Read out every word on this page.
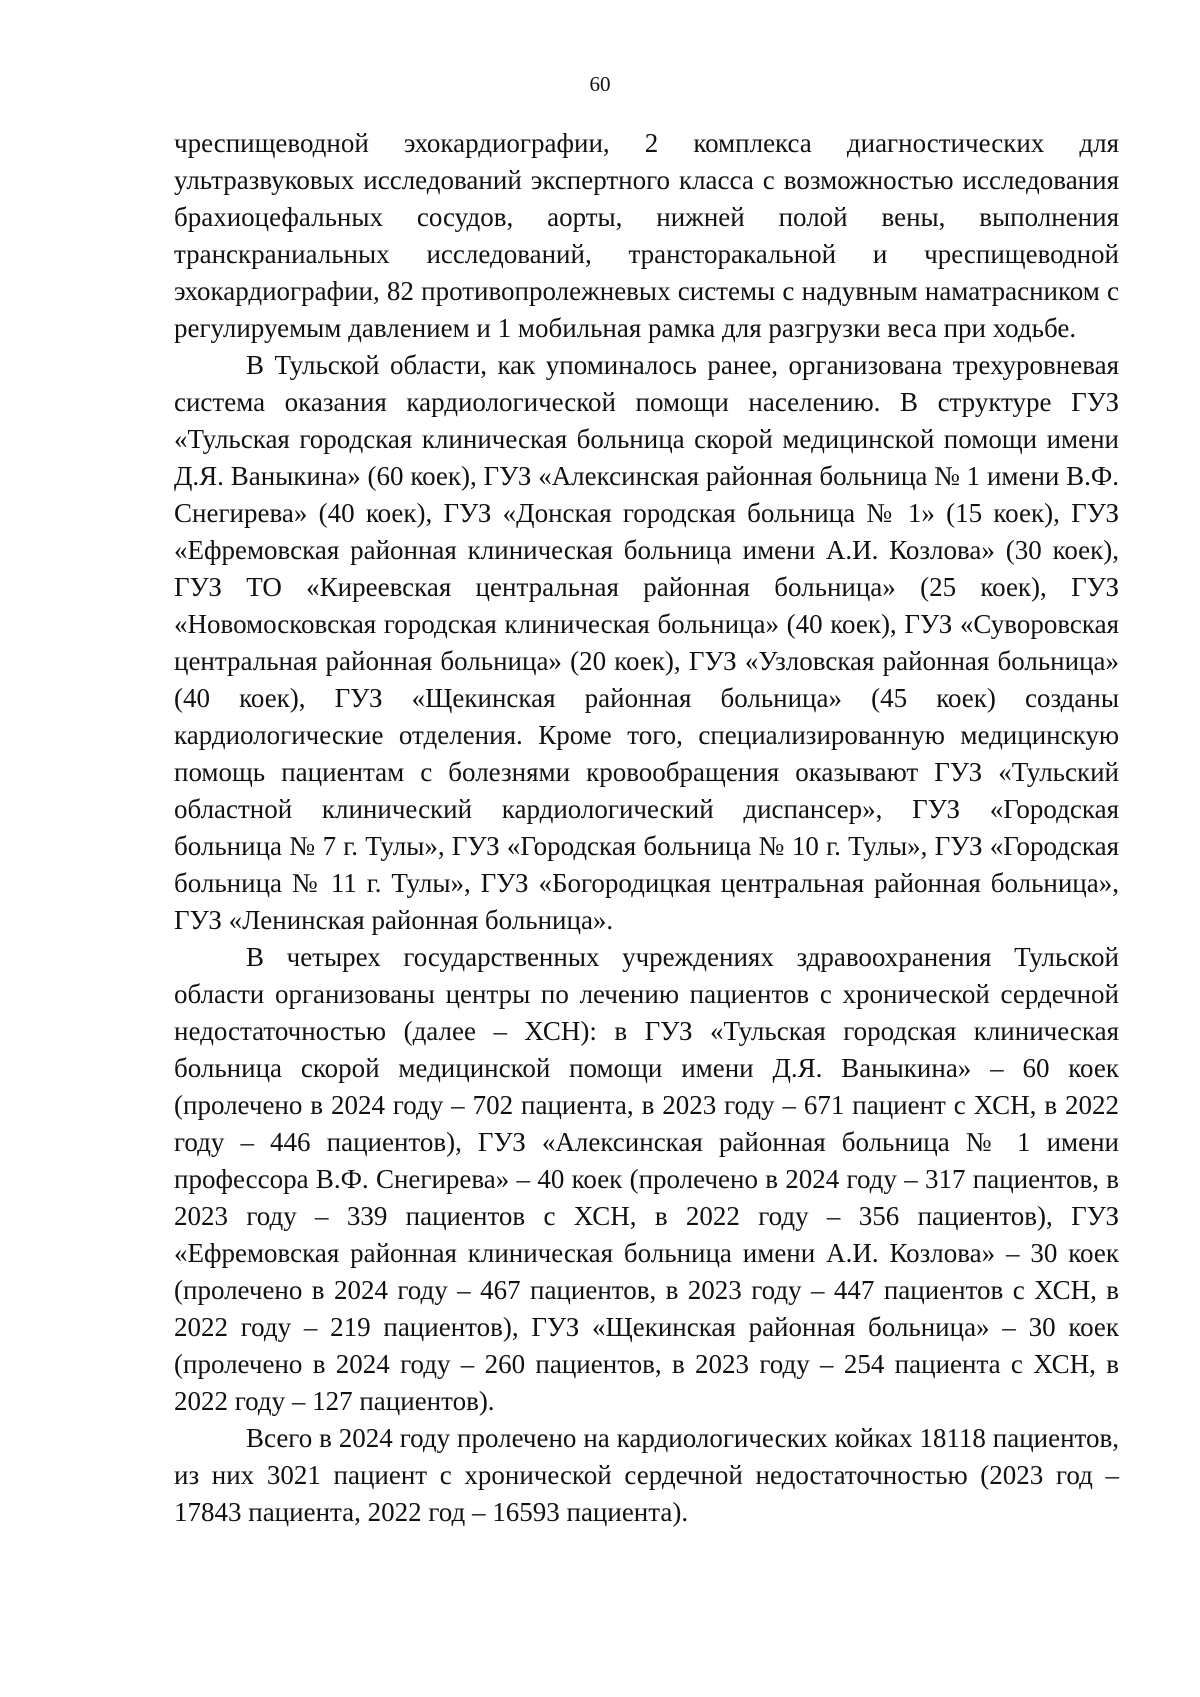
60

чреспищеводной эхокардиографии, 2 комплекса диагностических для ультразвуковых исследований экспертного класса с возможностью исследования брахиоцефальных сосудов, аорты, нижней полой вены, выполнения транскраниальных исследований, трансторакальной и чреспищеводной эхокардиографии, 82 противопролежневых системы с надувным наматрасником с регулируемым давлением и 1 мобильная рамка для разгрузки веса при ходьбе.

В Тульской области, как упоминалось ранее, организована трехуровневая система оказания кардиологической помощи населению. В структуре ГУЗ «Тульская городская клиническая больница скорой медицинской помощи имени Д.Я. Ваныкина» (60 коек), ГУЗ «Алексинская районная больница № 1 имени В.Ф. Снегирева» (40 коек), ГУЗ «Донская городская больница № 1» (15 коек), ГУЗ «Ефремовская районная клиническая больница имени А.И. Козлова» (30 коек), ГУЗ ТО «Киреевская центральная районная больница» (25 коек), ГУЗ «Новомосковская городская клиническая больница» (40 коек), ГУЗ «Суворовская центральная районная больница» (20 коек), ГУЗ «Узловская районная больница» (40 коек), ГУЗ «Щекинская районная больница» (45 коек) созданы кардиологические отделения. Кроме того, специализированную медицинскую помощь пациентам с болезнями кровообращения оказывают ГУЗ «Тульский областной клинический кардиологический диспансер», ГУЗ «Городская больница № 7 г. Тулы», ГУЗ «Городская больница № 10 г. Тулы», ГУЗ «Городская больница № 11 г. Тулы», ГУЗ «Богородицкая центральная районная больница», ГУЗ «Ленинская районная больница».

В четырех государственных учреждениях здравоохранения Тульской области организованы центры по лечению пациентов с хронической сердечной недостаточностью (далее – ХСН): в ГУЗ «Тульская городская клиническая больница скорой медицинской помощи имени Д.Я. Ваныкина» – 60 коек (пролечено в 2024 году – 702 пациента, в 2023 году – 671 пациент с ХСН, в 2022 году – 446 пациентов), ГУЗ «Алексинская районная больница № 1 имени профессора В.Ф. Снегирева» – 40 коек (пролечено в 2024 году – 317 пациентов, в 2023 году – 339 пациентов с ХСН, в 2022 году – 356 пациентов), ГУЗ «Ефремовская районная клиническая больница имени А.И. Козлова» – 30 коек (пролечено в 2024 году – 467 пациентов, в 2023 году – 447 пациентов с ХСН, в 2022 году – 219 пациентов), ГУЗ «Щекинская районная больница» – 30 коек (пролечено в 2024 году – 260 пациентов, в 2023 году – 254 пациента с ХСН, в 2022 году – 127 пациентов).

Всего в 2024 году пролечено на кардиологических койках 18118 пациентов, из них 3021 пациент с хронической сердечной недостаточностью (2023 год – 17843 пациента, 2022 год – 16593 пациента).
